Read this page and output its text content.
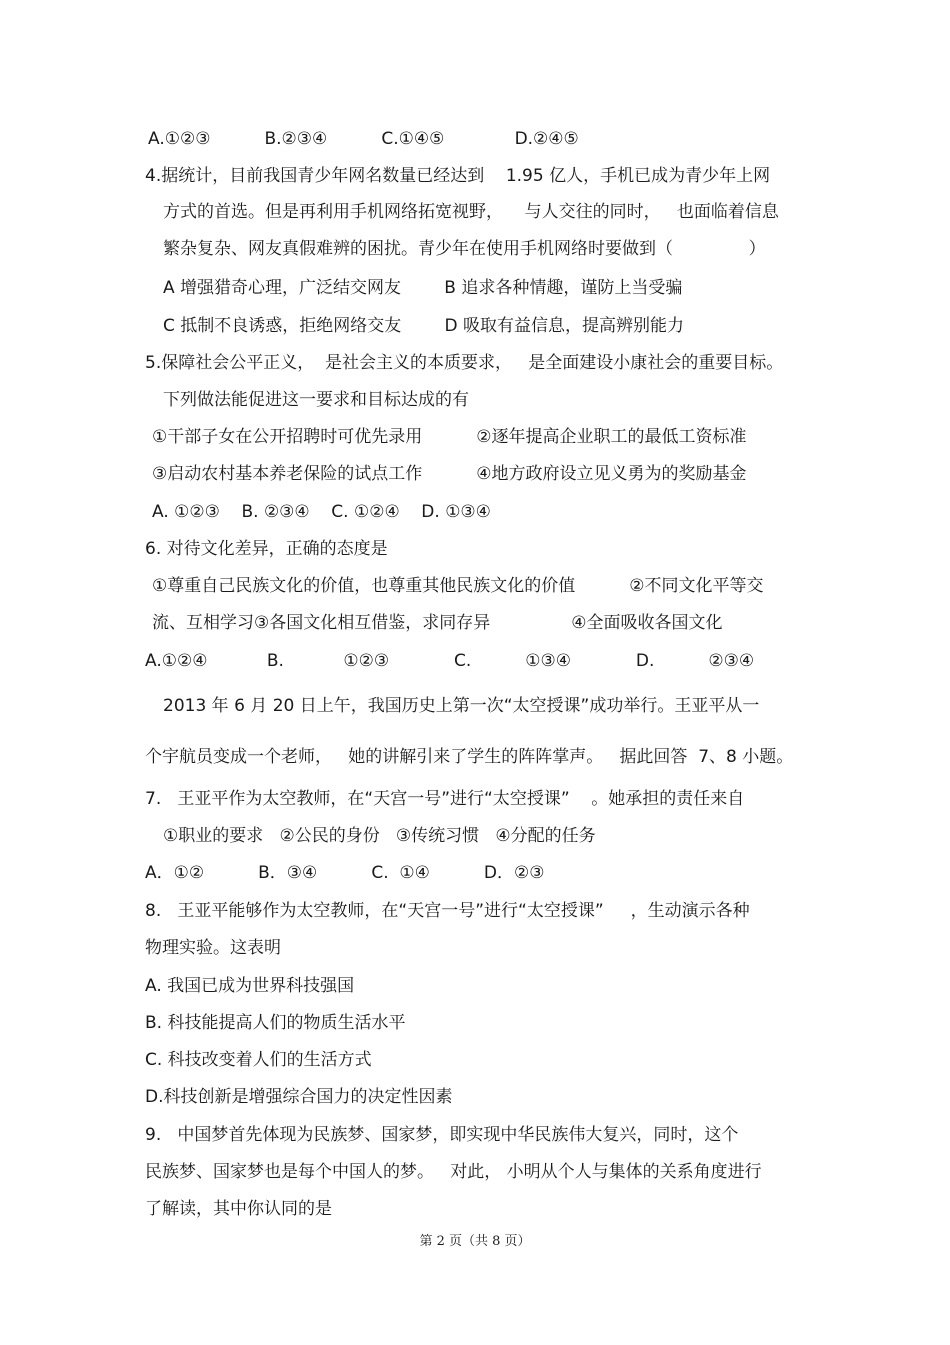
A.①②③          B.②③④          C.①④⑤             D.②④⑤
4.据统计，目前我国青少年网名数量已经达到    1.95 亿人，手机已成为青少年上网
方式的首选。但是再利用手机网络拓宽视野，    与人交往的同时，   也面临着信息
繁杂复杂、网友真假难辨的困扰。青少年在使用手机网络时要做到（              ）
A 增强猎奇心理，广泛结交网友        B 追求各种情趣，谨防上当受骗
C 抵制不良诱惑，拒绝网络交友        D 吸取有益信息，提高辨别能力
5.保障社会公平正义，  是社会主义的本质要求，   是全面建设小康社会的重要目标。
下列做法能促进这一要求和目标达成的有
①干部子女在公开招聘时可优先录用          ②逐年提高企业职工的最低工资标准
③启动农村基本养老保险的试点工作          ④地方政府设立见义勇为的奖励基金
A. ①②③    B. ②③④    C. ①②④    D. ①③④
6. 对待文化差异，正确的态度是
①尊重自己民族文化的价值，也尊重其他民族文化的价值          ②不同文化平等交
流、互相学习③各国文化相互借鉴，求同存异               ④全面吸收各国文化
A.①②④           B.           ①②③            C.          ①③④            D.          ②③④
2013 年 6 月 20 日上午，我国历史上第一次“太空授课”成功举行。王亚平从一
个宇航员变成一个老师，   她的讲解引来了学生的阵阵掌声。   据此回答  7、8 小题。
7.   王亚平作为太空教师，在“天宫一号”进行“太空授课”    。她承担的责任来自
①职业的要求   ②公民的身份   ③传统习惯   ④分配的任务
A．①②          B．③④          C.  ①④          D．②③
8.   王亚平能够作为太空教师，在“天宫一号”进行“太空授课”     ，生动演示各种
物理实验。这表明
A. 我国已成为世界科技强国
B. 科技能提高人们的物质生活水平
C. 科技改变着人们的生活方式
D.科技创新是增强综合国力的决定性因素
9.   中国梦首先体现为民族梦、国家梦，即实现中华民族伟大复兴，同时，这个
民族梦、国家梦也是每个中国人的梦。   对此， 小明从个人与集体的关系角度进行
了解读，其中你认同的是
第 2 页（共 8 页）
